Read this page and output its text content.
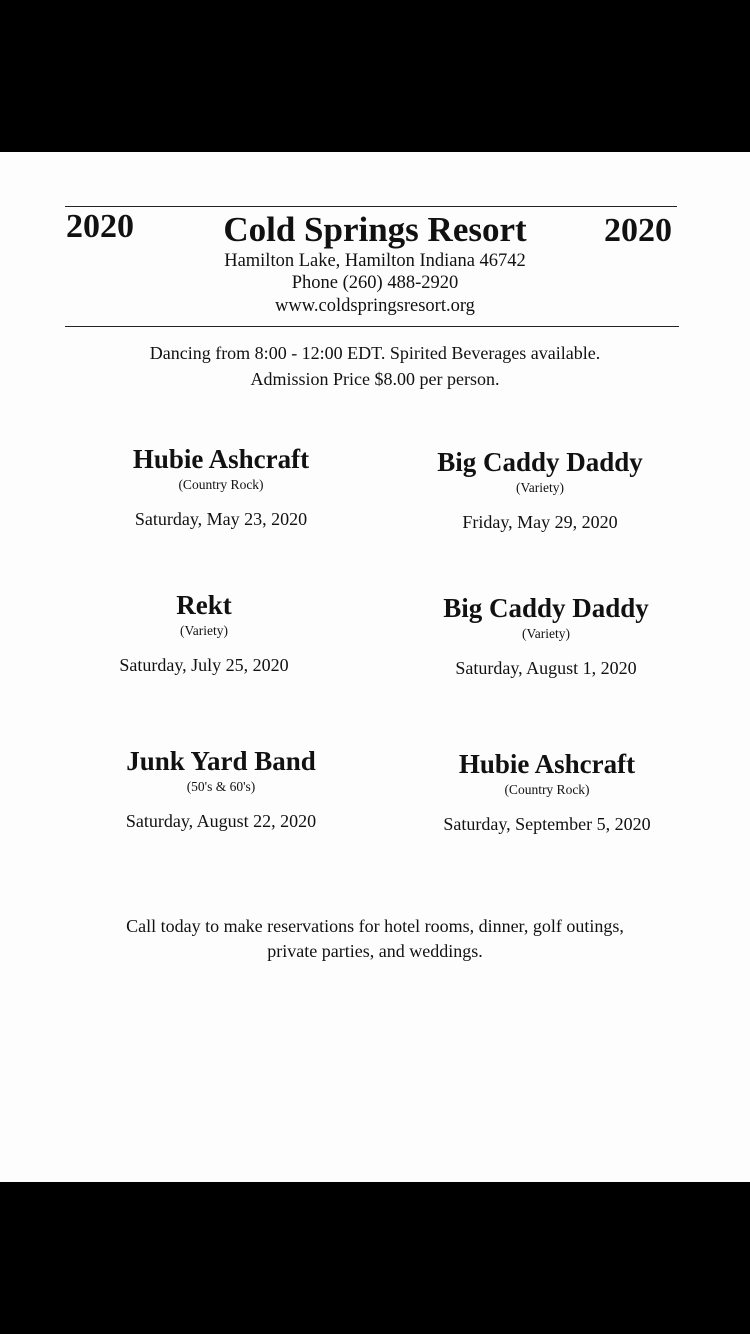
2020	Cold Springs Resort	2020
Hamilton Lake, Hamilton Indiana 46742
Phone (260) 488-2920
www.coldspringsresort.org
Dancing from 8:00 - 12:00 EDT. Spirited Beverages available.
Admission Price $8.00 per person.
Hubie Ashcraft
(Country Rock)
Saturday, May 23, 2020
Big Caddy Daddy
(Variety)
Friday, May 29, 2020
Rekt
(Variety)
Saturday, July 25, 2020
Big Caddy Daddy
(Variety)
Saturday, August 1, 2020
Junk Yard Band
(50's & 60's)
Saturday, August 22, 2020
Hubie Ashcraft
(Country Rock)
Saturday, September 5, 2020
Call today to make reservations for hotel rooms, dinner, golf outings,
private parties, and weddings.
